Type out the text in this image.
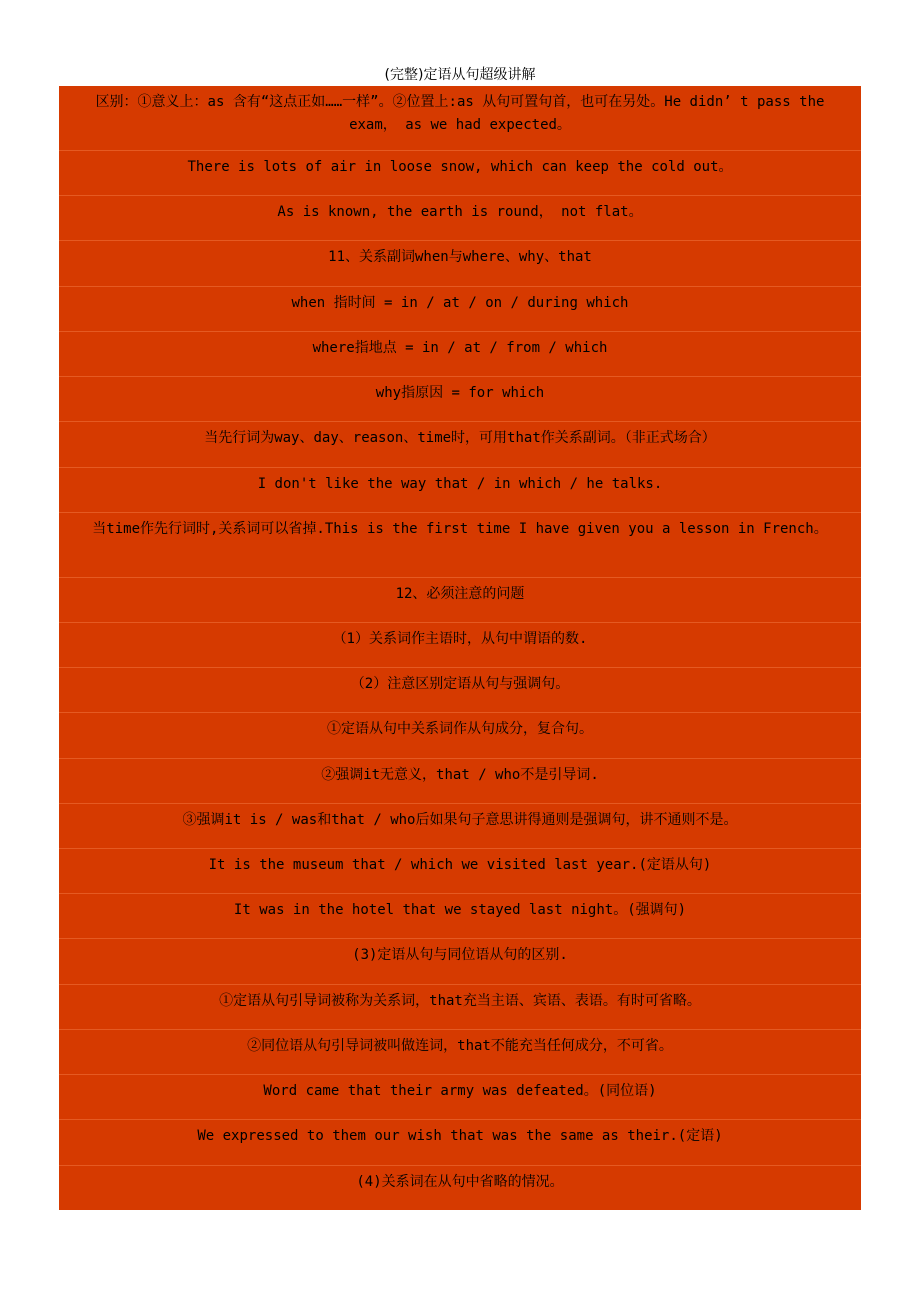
(完整)定语从句超级讲解
区别：①意义上：as 含有“这点正如……一样”。②位置上:as 从句可置句首，也可在另处。He didn’ t pass the exam， as we had expected。
There is lots of air in loose snow, which can keep the cold out。
As is known, the earth is round， not flat。
11、关系副词when与where、why、that
when 指时间 = in / at / on / during which
where指地点 = in / at / from / which
why指原因 = for which
当先行词为way、day、reason、time时，可用that作关系副词。（非正式场合）
I don't like the way that / in which / he talks.
当time作先行词时,关系词可以省掉.This is the first time I have given you a lesson in French。
12、必须注意的问题
（1）关系词作主语时，从句中谓语的数.
（2）注意区别定语从句与强调句。
①定语从句中关系词作从句成分，复合句。
②强调it无意义，that / who不是引导词.
③强调it is / was和that / who后如果句子意思讲得通则是强调句，讲不通则不是。
It is the museum that / which we visited last year.(定语从句)
It was in the hotel that we stayed last night。(强调句)
(3)定语从句与同位语从句的区别.
①定语从句引导词被称为关系词，that充当主语、宾语、表语。有时可省略。
②同位语从句引导词被叫做连词，that不能充当任何成分，不可省。
Word came that their army was defeated。(同位语)
We expressed to them our wish that was the same as their.(定语)
(4)关系词在从句中省略的情况。
